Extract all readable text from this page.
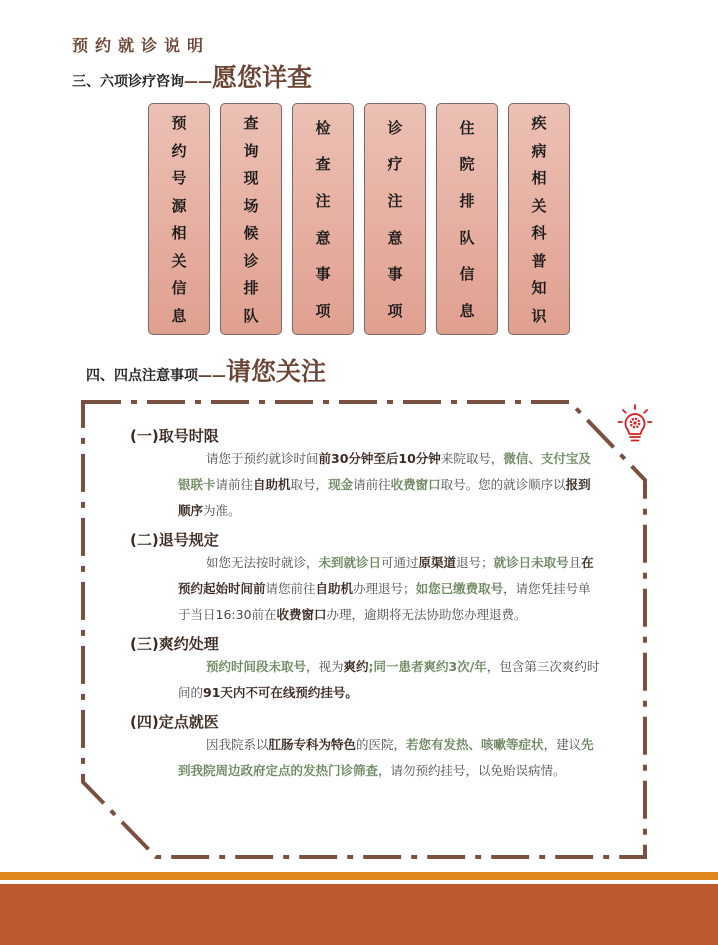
预约就诊说明
三、六项诊疗咨询 —— 愿您详查
预
约
号
源
相
关
信
息
查
询
现
场
候
诊
排
队
检
查
注
意
事
项
诊
疗
注
意
事
项
住
院
排
队
信
息
疾
病
相
关
科
普
知
识
四、四点注意事项 —— 请您关注
(一)取号时限
请您于预约就诊时间前30分钟至后10分钟来院取号，微信、支付宝及银联卡请前往自助机取号，现金请前往收费窗口取号。您的就诊顺序以报到顺序为准。
(二)退号规定
如您无法按时就诊，未到就诊日可通过原渠道退号；就诊日未取号且在预约起始时间前请您前往自助机办理退号；如您已缴费取号，请您凭挂号单于当日16:30前在收费窗口办理，逾期将无法协助您办理退费。
(三)爽约处理
预约时间段未取号，视为爽约;同一患者爽约3次/年，包含第三次爽约时间的91天内不可在线预约挂号。
(四)定点就医
因我院系以肛肠专科为特色的医院，若您有发热、咳嗽等症状，建议先到我院周边政府定点的发热门诊筛查，请勿预约挂号，以免贻误病情。
